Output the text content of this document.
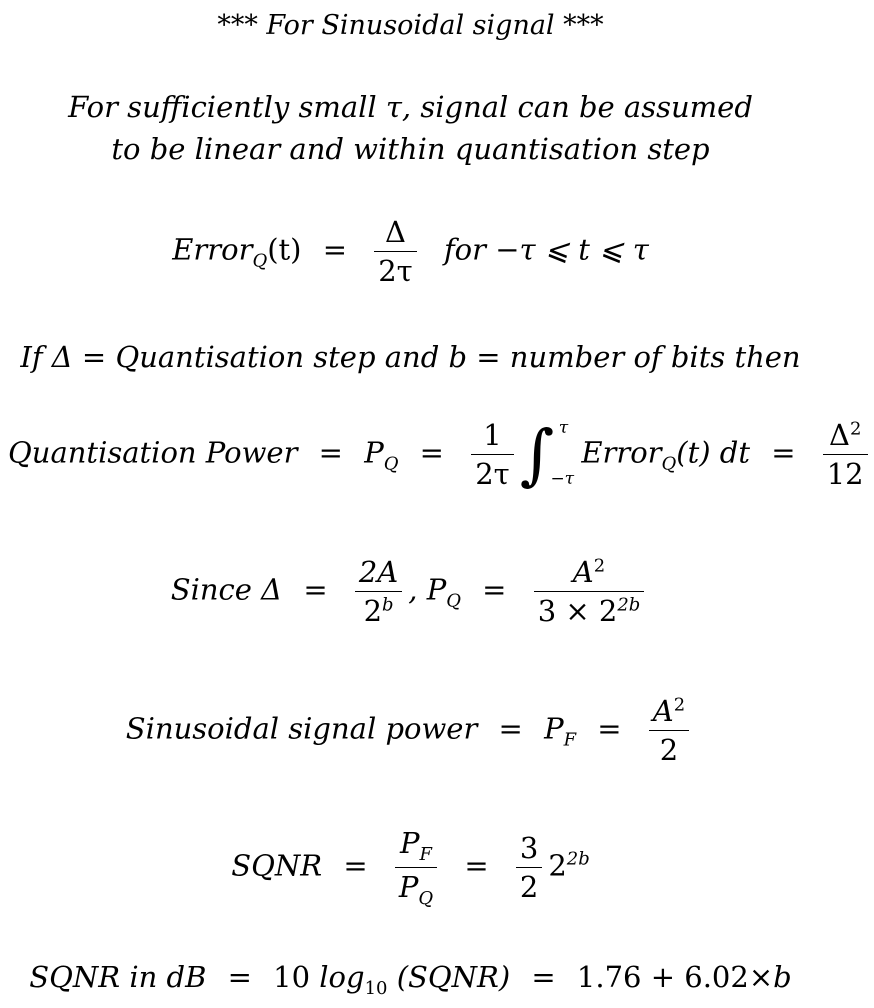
*** For Sinusoidal signal ***
For sufficiently small τ, signal can be assumed
to be linear and within quantisation step
Error$_Q$(t) = $\frac{\Delta}{2\tau}$ for −τ ⩽ t ⩽ τ
If Δ = Quantisation step and b = number of bits then
Quantisation Power = $P_Q = \frac{1}{2\tau}$ ∫ τ
−τ
Error$_Q$(t) dt = $\frac{\Delta^2}{12}$
Since $\Delta = \frac{2A}{2^b}$ , $P_Q = \frac{A^2}{3 \times 2^{2b}}$
Sinusoidal signal power = $P_F = \frac{A^2}{2}$
SQNR = $\frac{P_F}{P_Q} = \frac{3}{2} 2^{2b}$
SQNR in dB = 10 $\log_{10}$ (SQNR) = 1.76 + 6.02×b
